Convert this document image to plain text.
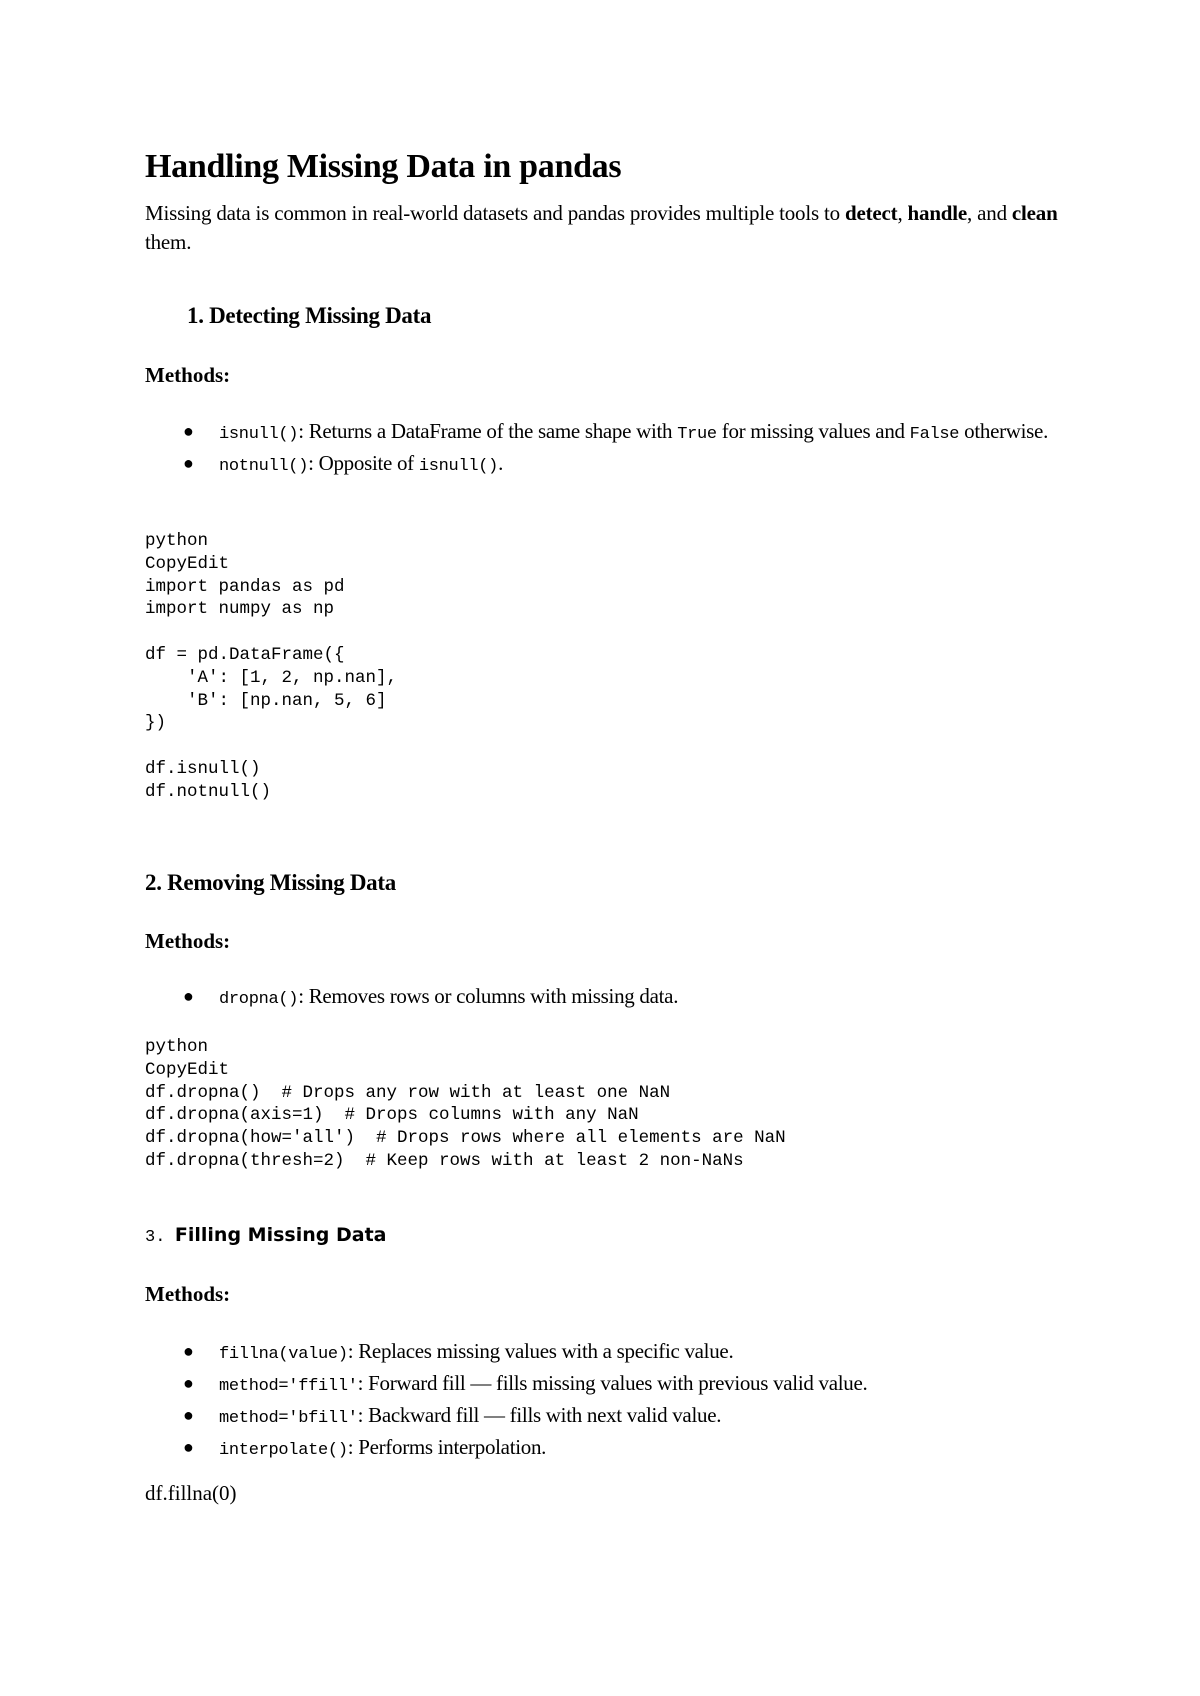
Handling Missing Data in pandas
Missing data is common in real-world datasets and pandas provides multiple tools to detect, handle, and clean them.
1. Detecting Missing Data
Methods:
● isnull(): Returns a DataFrame of the same shape with True for missing values and False otherwise.
● notnull(): Opposite of isnull().
python
CopyEdit
import pandas as pd
import numpy as np
df = pd.DataFrame({
'A': [1, 2, np.nan],
'B': [np.nan, 5, 6]
})
df.isnull()
df.notnull()
2. Removing Missing Data
Methods:
● dropna(): Removes rows or columns with missing data.
python
CopyEdit
df.dropna()  # Drops any row with at least one NaN
df.dropna(axis=1)  # Drops columns with any NaN
df.dropna(how='all')  # Drops rows where all elements are NaN
df.dropna(thresh=2)  # Keep rows with at least 2 non-NaNs
3. Filling Missing Data
Methods:
● fillna(value): Replaces missing values with a specific value.
● method='ffill': Forward fill — fills missing values with previous valid value.
● method='bfill': Backward fill — fills with next valid value.
● interpolate(): Performs interpolation.
df.fillna(0)
